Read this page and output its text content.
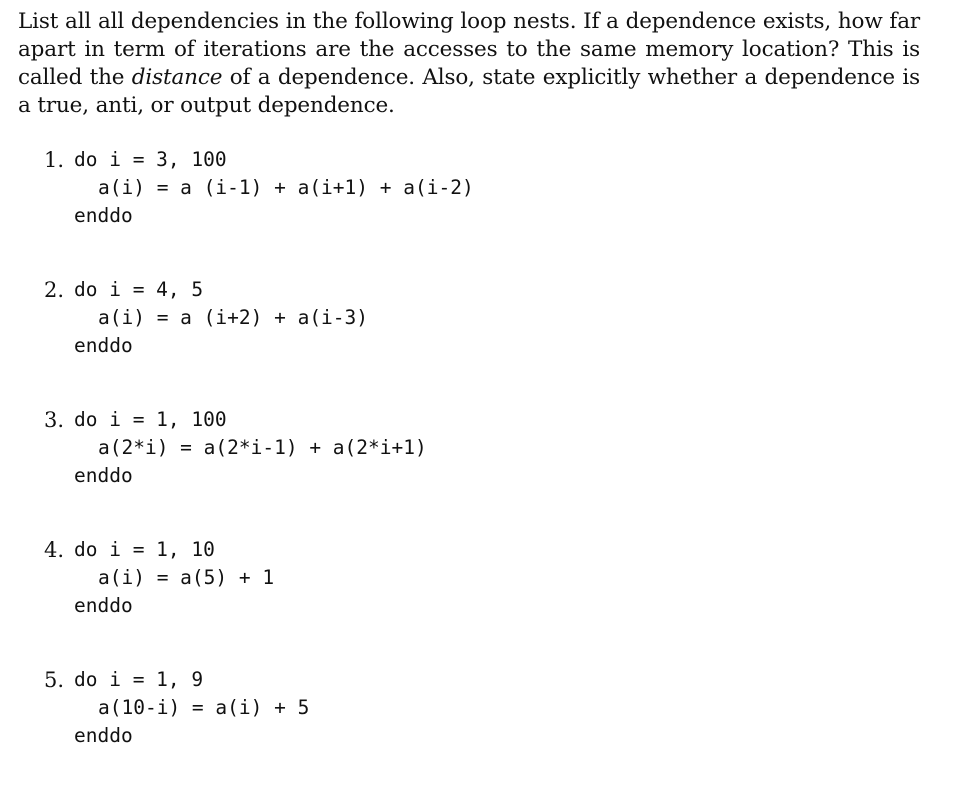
List all all dependencies in the following loop nests. If a dependence exists, how far apart in term of iterations are the accesses to the same memory location? This is called the distance of a dependence. Also, state explicitly whether a dependence is a true, anti, or output dependence.

1. do i = 3, 100
a(i) = a (i-1) + a(i+1) + a(i-2)
enddo
2. do i = 4, 5
a(i) = a (i+2) + a(i-3)
enddo
3. do i = 1, 100
a(2*i) = a(2*i-1) + a(2*i+1)
enddo
4. do i = 1, 10
a(i) = a(5) + 1
enddo
5. do i = 1, 9
a(10-i) = a(i) + 5
enddo
